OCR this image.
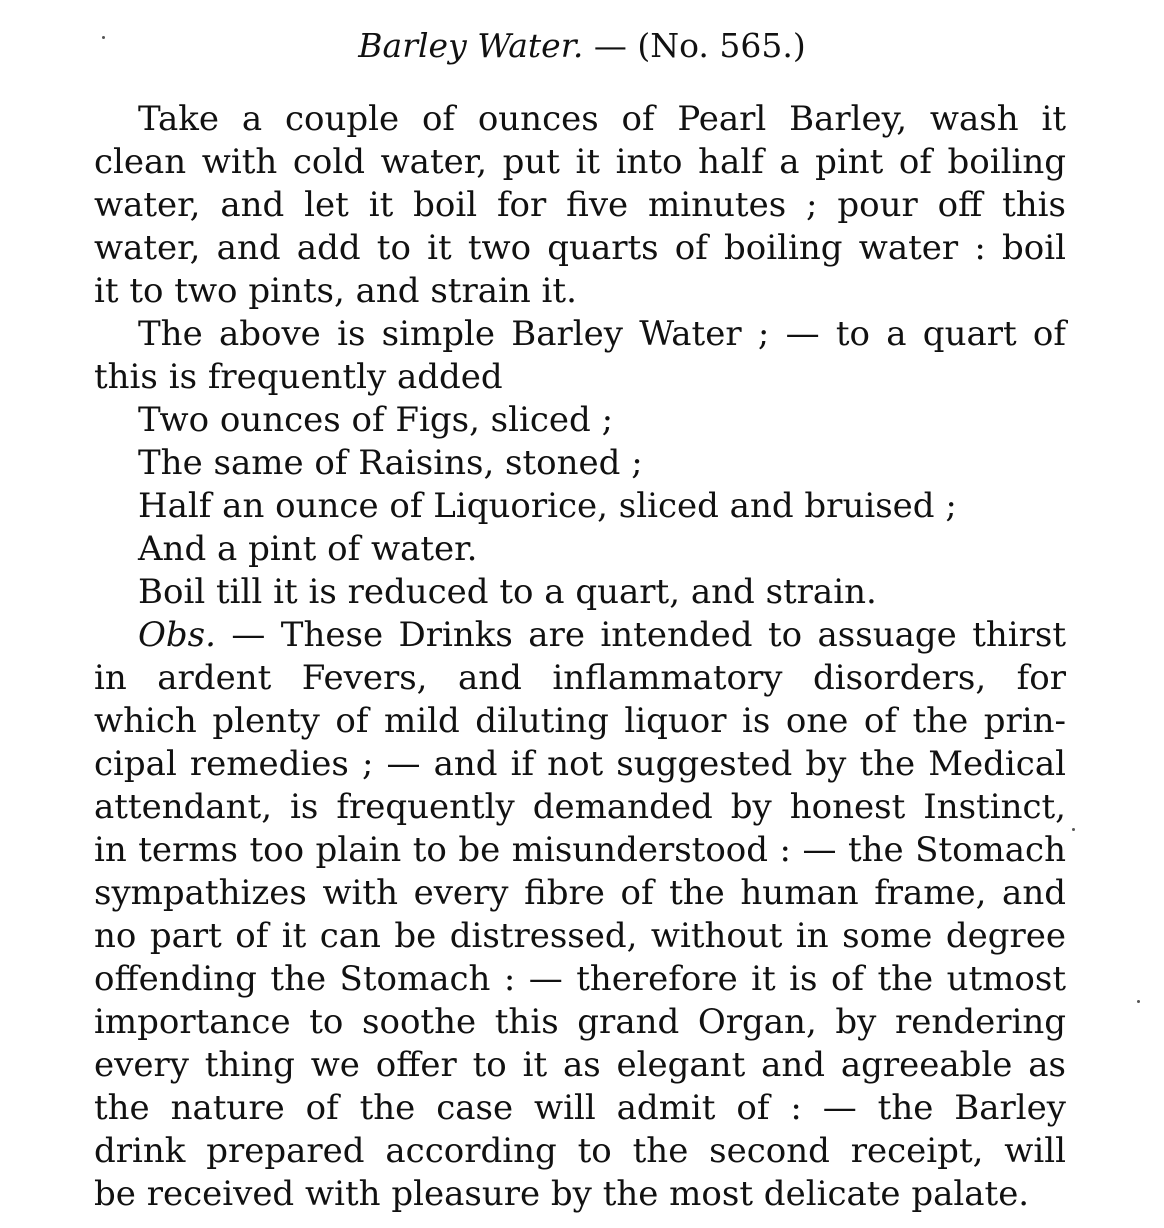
Barley Water. — (No. 565.)
Take a couple of ounces of Pearl Barley, wash it
clean with cold water, put it into half a pint of boiling
water, and let it boil for five minutes ; pour off this
water, and add to it two quarts of boiling water : boil
it to two pints, and strain it.
The above is simple Barley Water ; — to a quart of
this is frequently added
Two ounces of Figs, sliced ;
The same of Raisins, stoned ;
Half an ounce of Liquorice, sliced and bruised ;
And a pint of water.
Boil till it is reduced to a quart, and strain.
Obs. — These Drinks are intended to assuage thirst
in ardent Fevers, and inflammatory disorders, for
which plenty of mild diluting liquor is one of the prin-
cipal remedies ; — and if not suggested by the Medical
attendant, is frequently demanded by honest Instinct,
in terms too plain to be misunderstood : — the Stomach
sympathizes with every fibre of the human frame, and
no part of it can be distressed, without in some degree
offending the Stomach : — therefore it is of the utmost
importance to soothe this grand Organ, by rendering
every thing we offer to it as elegant and agreeable as
the nature of the case will admit of : — the Barley
drink prepared according to the second receipt, will
be received with pleasure by the most delicate palate.
